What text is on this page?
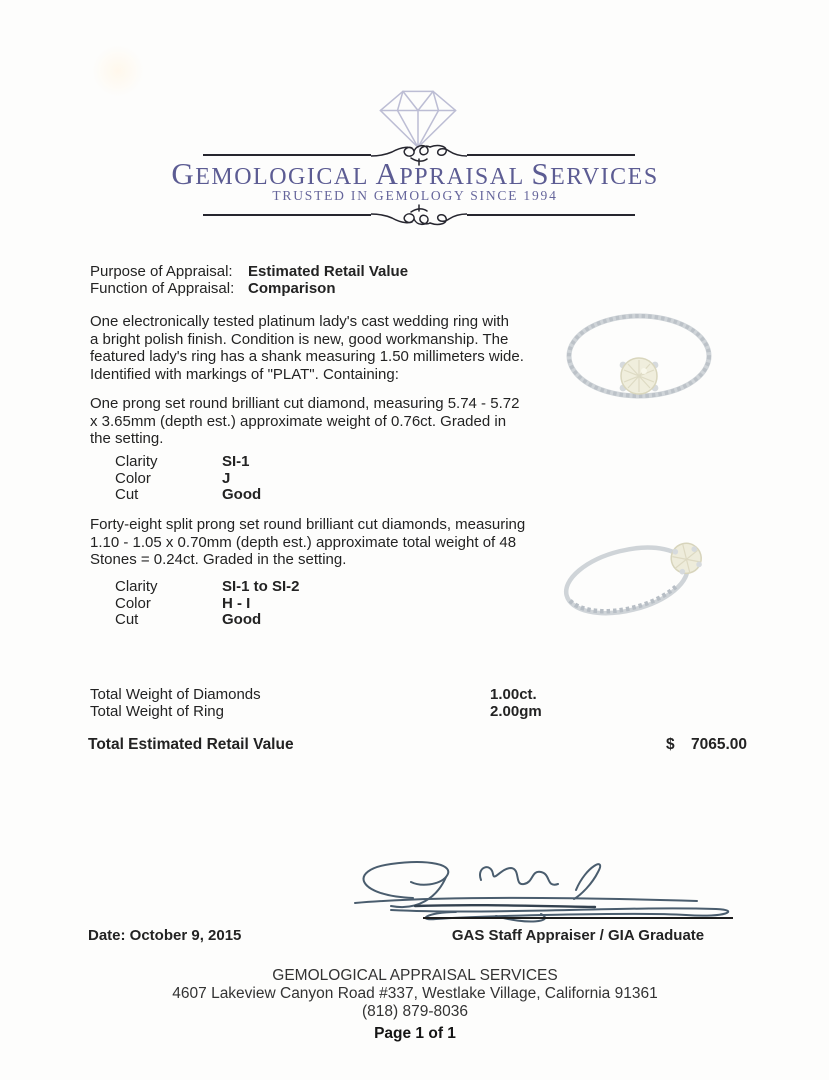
GEMOLOGICAL APPRAISAL SERVICES
TRUSTED IN GEMOLOGY SINCE 1994
Purpose of Appraisal:	Estimated Retail Value
Function of Appraisal: Comparison
One electronically tested platinum lady's cast wedding ring with
a bright polish finish. Condition is new, good workmanship. The
featured lady's ring has a shank measuring 1.50 millimeters wide.
Identified with markings of "PLAT". Containing:
One prong set round brilliant cut diamond, measuring 5.74 - 5.72
x 3.65mm (depth est.) approximate weight of 0.76ct. Graded in
the setting.
Clarity	SI-1
Color	J
Cut	Good
Forty-eight split prong set round brilliant cut diamonds, measuring
1.10 - 1.05 x 0.70mm (depth est.) approximate total weight of 48
Stones = 0.24ct. Graded in the setting.
Clarity	SI-1 to SI-2
Color	H - I
Cut	Good
Total Weight of Diamonds	1.00ct.
Total Weight of Ring	2.00gm
Total Estimated Retail Value	$ 7065.00
Date: October 9, 2015	GAS Staff Appraiser / GIA Graduate
GEMOLOGICAL APPRAISAL SERVICES
4607 Lakeview Canyon Road #337, Westlake Village, California 91361
(818) 879-8036
Page 1 of 1
